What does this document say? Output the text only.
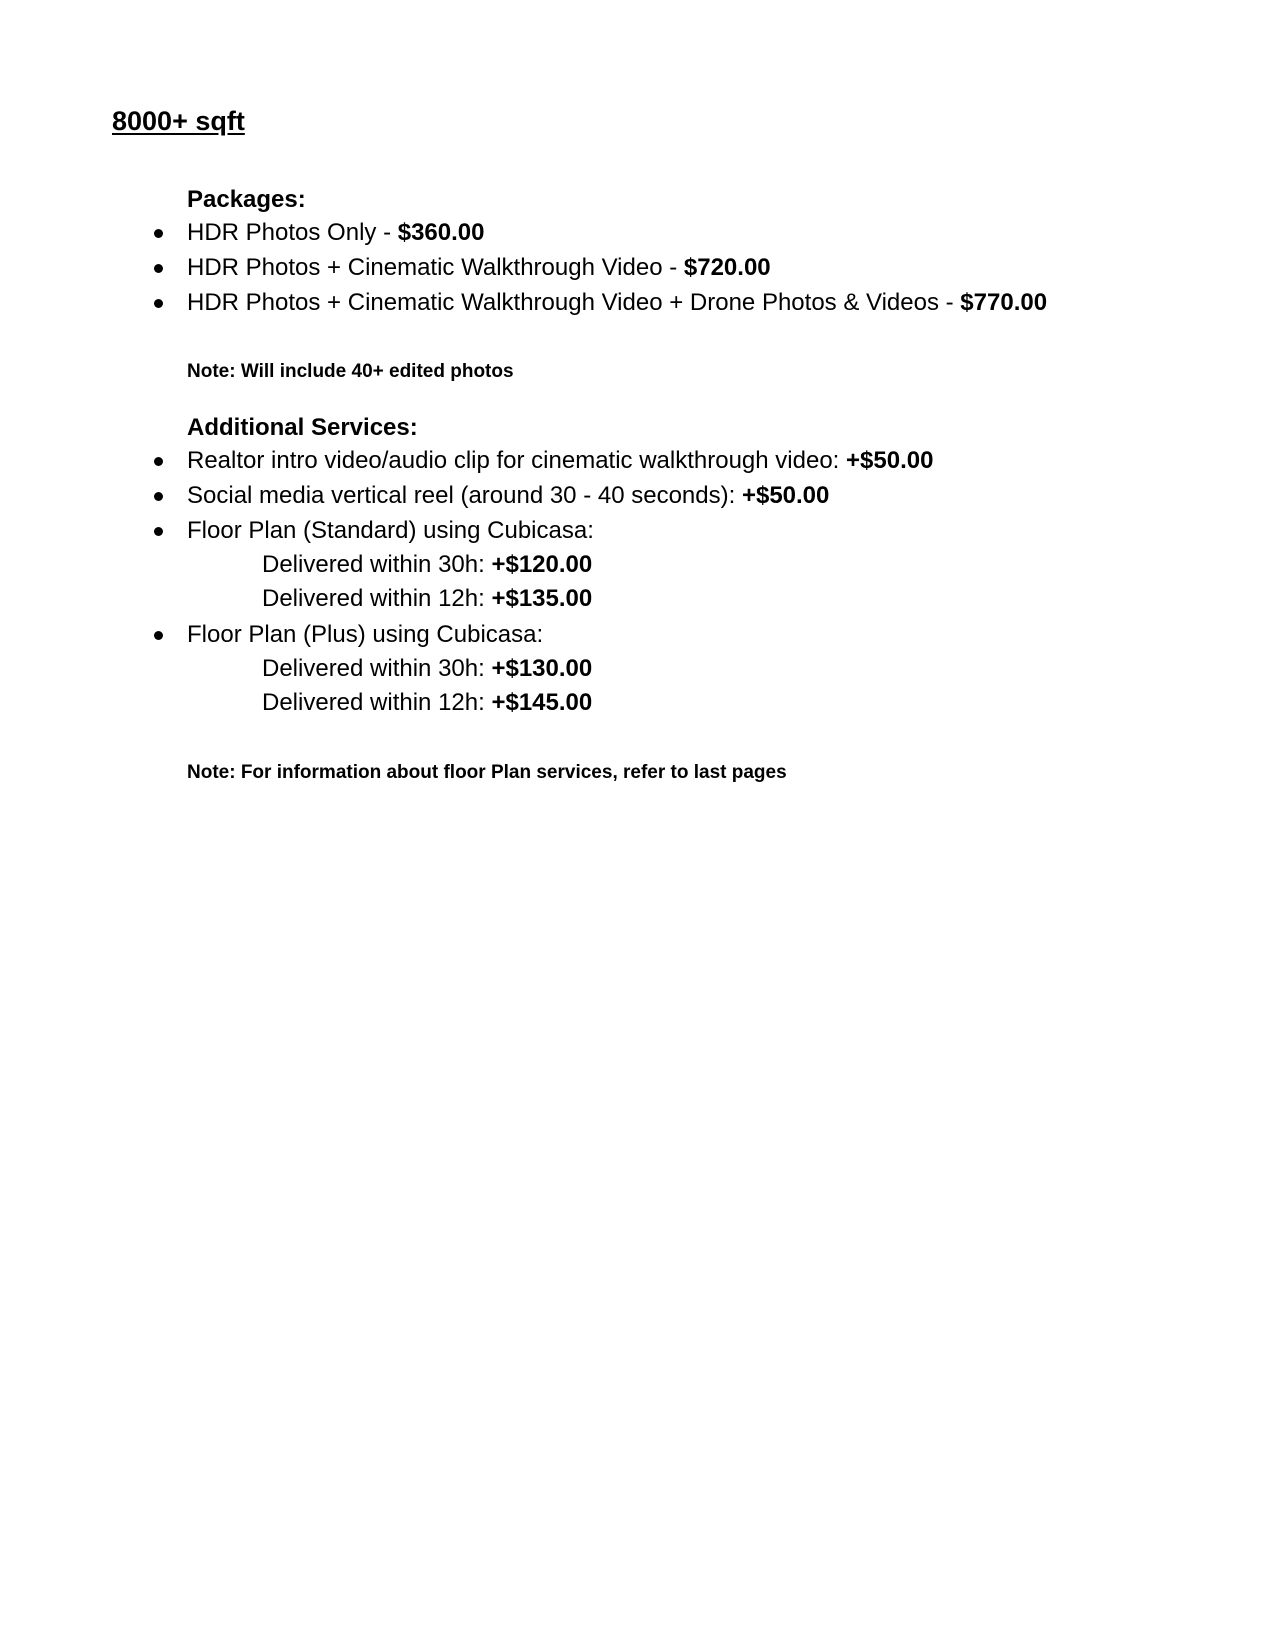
8000+ sqft
Packages:
HDR Photos Only - $360.00
HDR Photos + Cinematic Walkthrough Video - $720.00
HDR Photos + Cinematic Walkthrough Video + Drone Photos & Videos - $770.00
Note: Will include 40+ edited photos
Additional Services:
Realtor intro video/audio clip for cinematic walkthrough video: +$50.00
Social media vertical reel (around 30 - 40 seconds): +$50.00
Floor Plan (Standard) using Cubicasa:
Delivered within 30h: +$120.00
Delivered within 12h: +$135.00
Floor Plan (Plus) using Cubicasa:
Delivered within 30h: +$130.00
Delivered within 12h: +$145.00
Note: For information about floor Plan services, refer to last pages
